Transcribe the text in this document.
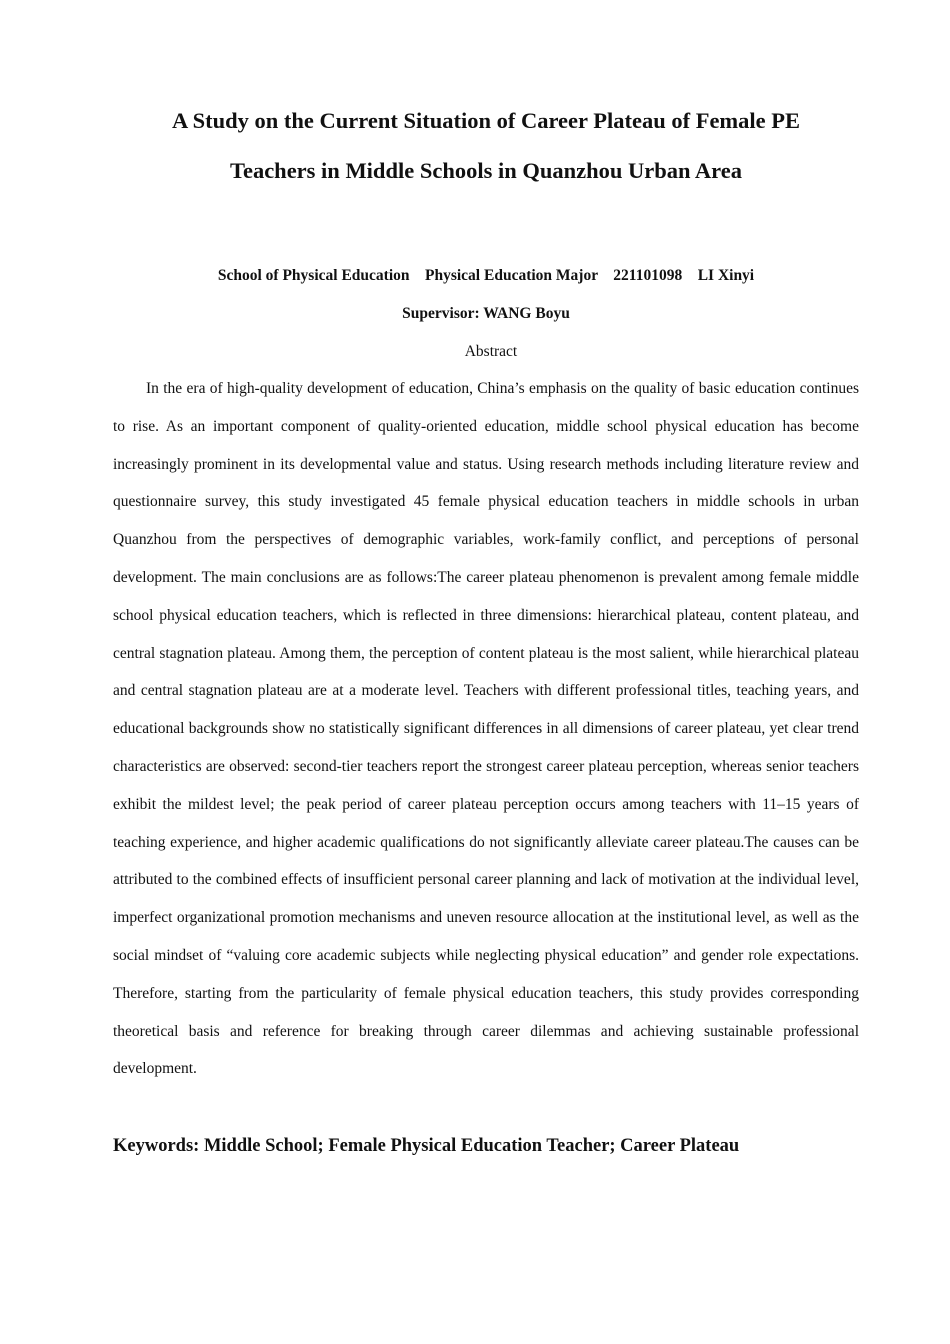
A Study on the Current Situation of Career Plateau of Female PE
Teachers in Middle Schools in Quanzhou Urban Area
School of Physical Education    Physical Education Major    221101098    LI Xinyi
Supervisor: WANG Boyu
Abstract

In the era of high-quality development of education, China’s emphasis on the quality of basic education continues to rise. As an important component of quality-oriented education, middle school physical education has become increasingly prominent in its developmental value and status. Using research methods including literature review and questionnaire survey, this study investigated 45 female physical education teachers in middle schools in urban Quanzhou from the perspectives of demographic variables, work-family conflict, and perceptions of personal development. The main conclusions are as follows:The career plateau phenomenon is prevalent among female middle school physical education teachers, which is reflected in three dimensions: hierarchical plateau, content plateau, and central stagnation plateau. Among them, the perception of content plateau is the most salient, while hierarchical plateau and central stagnation plateau are at a moderate level. Teachers with different professional titles, teaching years, and educational backgrounds show no statistically significant differences in all dimensions of career plateau, yet clear trend characteristics are observed: second-tier teachers report the strongest career plateau perception, whereas senior teachers exhibit the mildest level; the peak period of career plateau perception occurs among teachers with 11–15 years of teaching experience, and higher academic qualifications do not significantly alleviate career plateau.The causes can be attributed to the combined effects of insufficient personal career planning and lack of motivation at the individual level, imperfect organizational promotion mechanisms and uneven resource allocation at the institutional level, as well as the social mindset of “valuing core academic subjects while neglecting physical education” and gender role expectations. Therefore, starting from the particularity of female physical education teachers, this study provides corresponding theoretical basis and reference for breaking through career dilemmas and achieving sustainable professional development.

Keywords: Middle School; Female Physical Education Teacher; Career Plateau
